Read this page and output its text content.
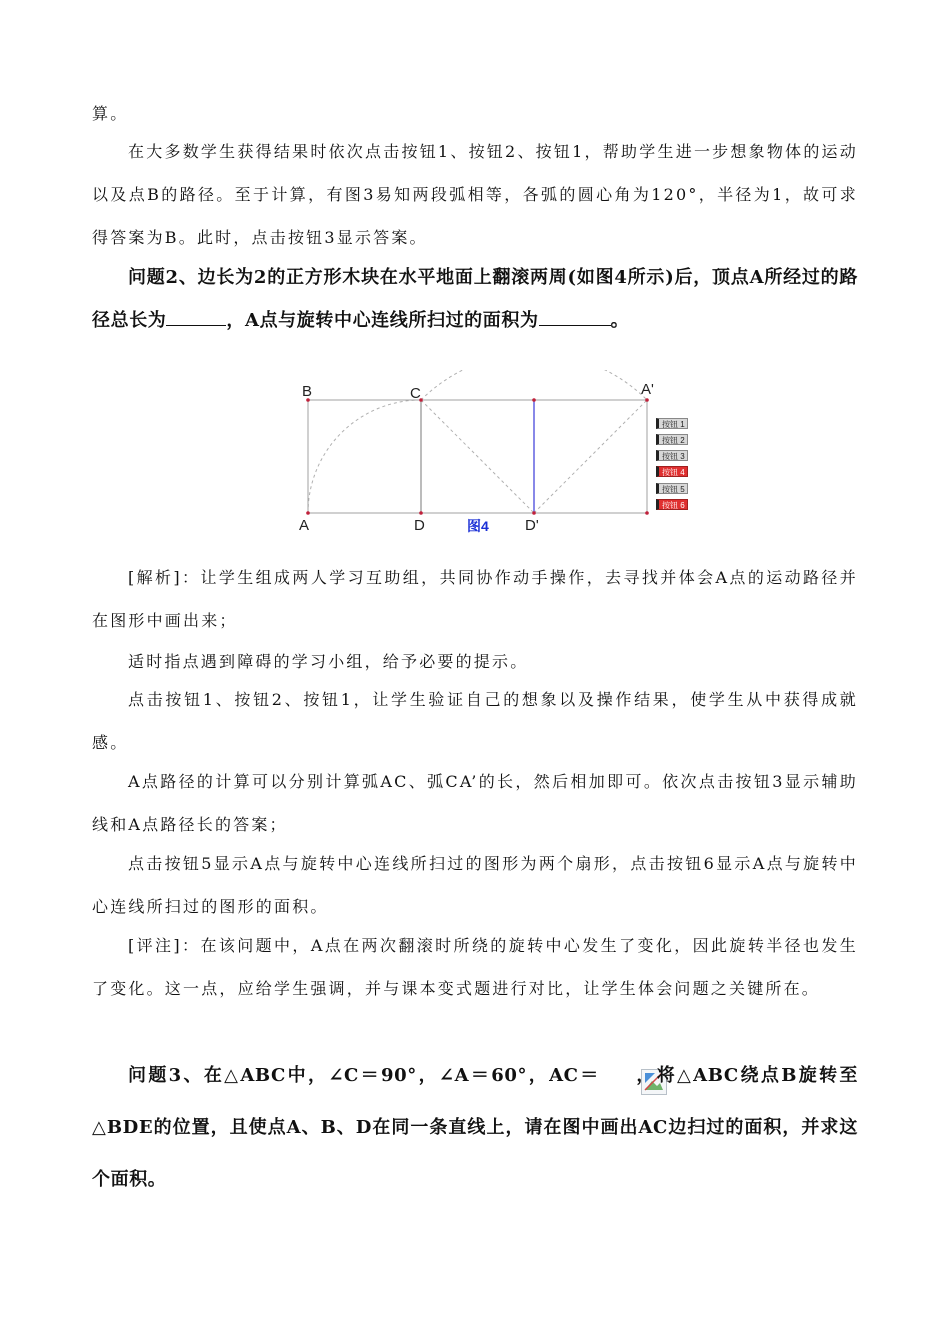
算。

在大多数学生获得结果时依次点击按钮1、按钮2、按钮1，帮助学生进一步想象物体的运动以及点B的路径。至于计算，有图3易知两段弧相等，各弧的圆心角为120°，半径为1，故可求得答案为B。此时，点击按钮3显示答案。

问题2、边长为2的正方形木块在水平地面上翻滚两周(如图4所示)后，顶点A所经过的路径总长为	，A点与旋转中心连线所扫过的面积为	。

B	C	A'
A	D	D'
图4
按钮 1
按钮 2
按钮 3
按钮 4
按钮 5
按钮 6

[解析]：让学生组成两人学习互助组，共同协作动手操作，去寻找并体会A点的运动路径并在图形中画出来；

适时指点遇到障碍的学习小组，给予必要的提示。

点击按钮1、按钮2、按钮1，让学生验证自己的想象以及操作结果，使学生从中获得成就感。

A点路径的计算可以分别计算弧AC、弧CA’的长，然后相加即可。依次点击按钮3显示辅助线和A点路径长的答案；

点击按钮5显示A点与旋转中心连线所扫过的图形为两个扇形，点击按钮6显示A点与旋转中心连线所扫过的图形的面积。

[评注]：在该问题中，A点在两次翻滚时所绕的旋转中心发生了变化，因此旋转半径也发生了变化。这一点，应给学生强调，并与课本变式题进行对比，让学生体会问题之关键所在。

问题3、在△ABC中，∠C＝90°，∠A＝60°，AC＝ ，将△ABC绕点B旋转至△BDE的位置，且使点A、B、D在同一条直线上，请在图中画出AC边扫过的面积，并求这个面积。
